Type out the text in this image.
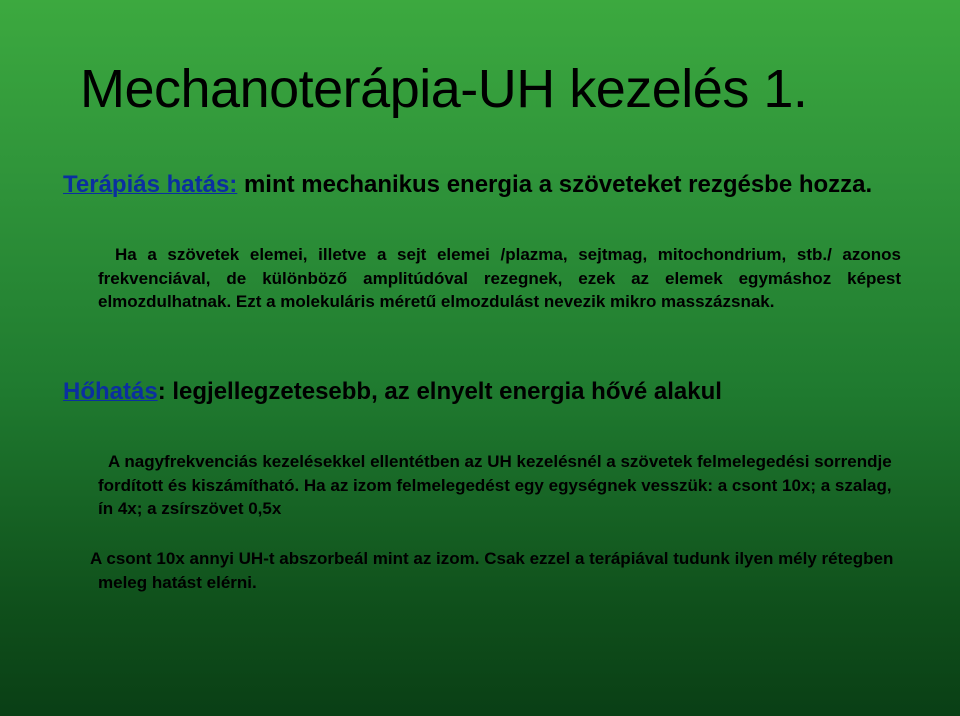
Mechanoterápia-UH kezelés 1.

Terápiás hatás: mint mechanikus energia a szöveteket rezgésbe hozza.

Ha a szövetek elemei, illetve a sejt elemei /plazma, sejtmag, mitochondrium, stb./ azonos frekvenciával, de különböző amplitúdóval rezegnek, ezek az elemek egymáshoz képest elmozdulhatnak. Ezt a molekuláris méretű elmozdulást nevezik mikro masszázsnak.

Hőhatás: legjellegzetesebb, az elnyelt energia hővé alakul

A nagyfrekvenciás kezelésekkel ellentétben az UH kezelésnél a szövetek felmelegedési sorrendje fordított és kiszámítható. Ha az izom felmelegedést egy egységnek vesszük: a csont 10x; a szalag, ín 4x; a zsírszövet 0,5x

A csont 10x annyi UH-t abszorbeál mint az izom. Csak ezzel a terápiával tudunk ilyen mély rétegben meleg hatást elérni.
